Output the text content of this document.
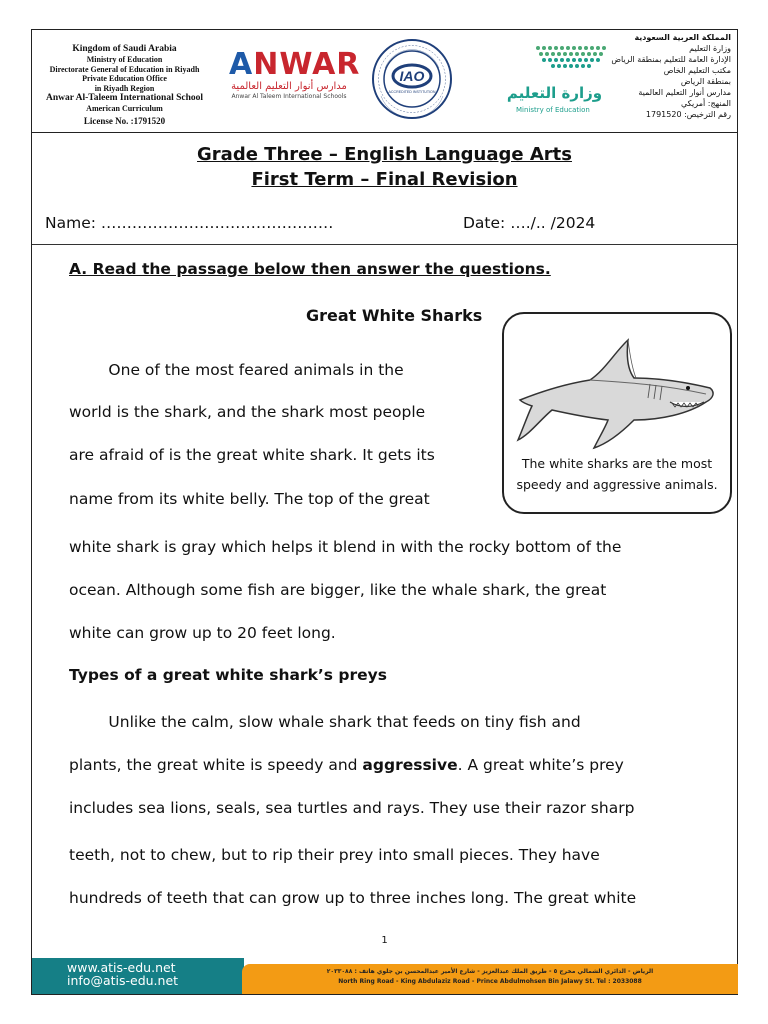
Kingdom of Saudi Arabia
Ministry of Education
Directorate General of Education in Riyadh
Private Education Office
in Riyadh Region
Anwar Al-Taleem International School
American Curriculum
License No. :1791520
ANWAR
مدارس أنوار التعليم العالمية
Anwar Al Taleem International Schools
IAO
ACCREDITED INSTITUTION	وزارة التعليم
Ministry of Education
المملكة العربية السعودية
وزارة التعليم
الإدارة العامة للتعليم بمنطقة الرياض
مكتب التعليم الخاص
بمنطقة الرياض
مدارس أنوار التعليم العالمية
المنهج: أمريكي
رقم الترخيص: 1791520
Grade Three – English Language Arts
First Term – Final Revision
Name: ………………………………………	Date: …./.. /2024
A. Read the passage below then answer the questions.
Great White Sharks
One of the most feared animals in the
world is the shark, and the shark most people
are afraid of is the great white shark. It gets its
name from its white belly. The top of the great
white shark is gray which helps it blend in with the rocky bottom of the
ocean. Although some fish are bigger, like the whale shark, the great
white can grow up to 20 feet long.
Types of a great white shark’s preys
Unlike the calm, slow whale shark that feeds on tiny fish and
plants, the great white is speedy and aggressive. A great white’s prey
includes sea lions, seals, sea turtles and rays. They use their razor sharp
teeth, not to chew, but to rip their prey into small pieces. They have
hundreds of teeth that can grow up to three inches long. The great white
The white sharks are the most
speedy and aggressive animals.
1
www.atis-edu.net
info@atis-edu.net
الرياض - الدائري الشمالي مخرج ٥ - طريق الملك عبدالعزيز - شارع الأمير عبدالمحسن بن جلوي هاتف : ٢٠٣٣٠٨٨
North Ring Road - King Abdulaziz Road - Prince Abdulmohsen Bin Jalawy St. Tel : 2033088
